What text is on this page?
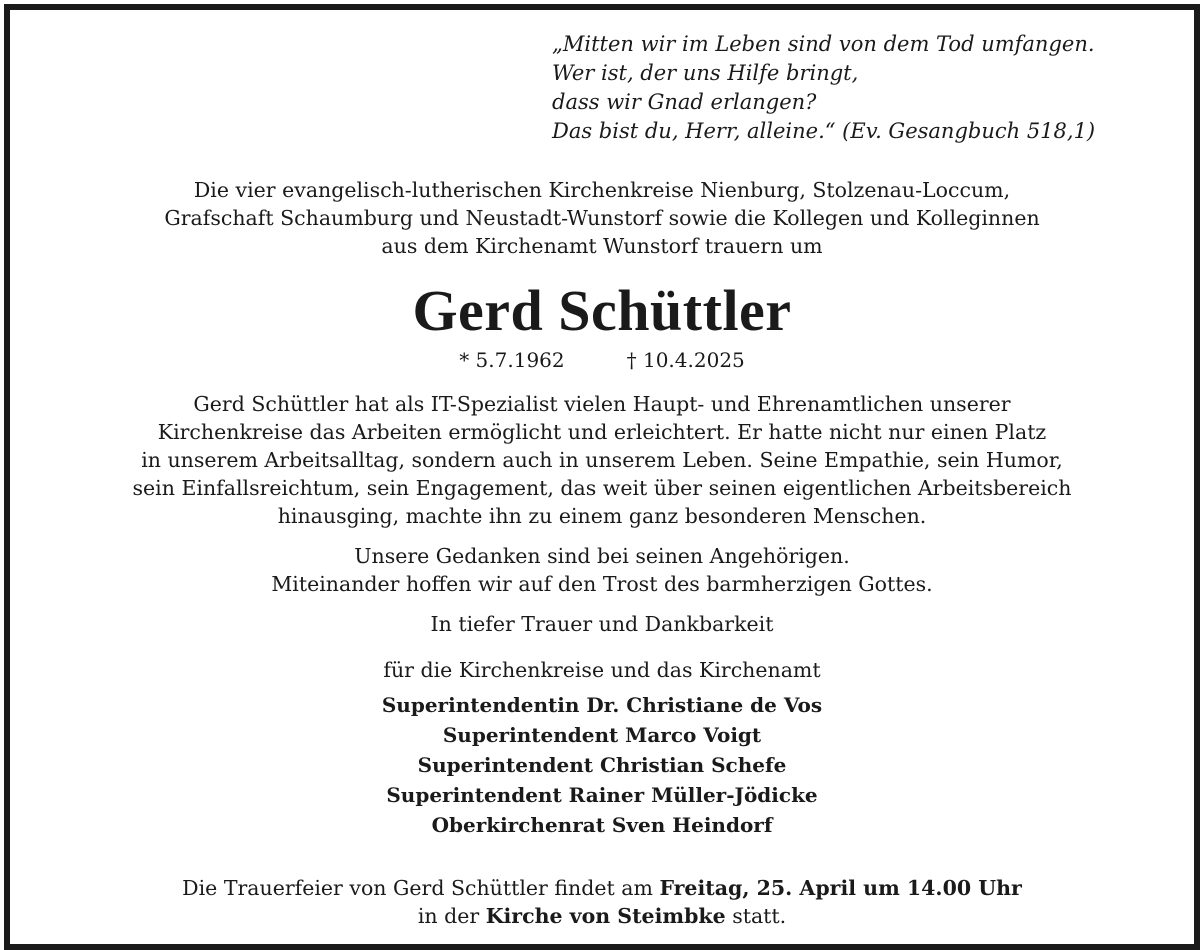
„Mitten wir im Leben sind von dem Tod umfangen.
Wer ist, der uns Hilfe bringt,
dass wir Gnad erlangen?
Das bist du, Herr, alleine.“ (Ev. Gesangbuch 518,1)
Die vier evangelisch-lutherischen Kirchenkreise Nienburg, Stolzenau-Loccum,
Grafschaft Schaumburg und Neustadt-Wunstorf sowie die Kollegen und Kolleginnen
aus dem Kirchenamt Wunstorf trauern um
Gerd Schüttler
* 5.7.1962	† 10.4.2025
Gerd Schüttler hat als IT-Spezialist vielen Haupt- und Ehrenamtlichen unserer
Kirchenkreise das Arbeiten ermöglicht und erleichtert. Er hatte nicht nur einen Platz
in unserem Arbeitsalltag, sondern auch in unserem Leben. Seine Empathie, sein Humor,
sein Einfallsreichtum, sein Engagement, das weit über seinen eigentlichen Arbeitsbereich
hinausging, machte ihn zu einem ganz besonderen Menschen.
Unsere Gedanken sind bei seinen Angehörigen.
Miteinander hoffen wir auf den Trost des barmherzigen Gottes.
In tiefer Trauer und Dankbarkeit
für die Kirchenkreise und das Kirchenamt
Superintendentin Dr. Christiane de Vos
Superintendent Marco Voigt
Superintendent Christian Schefe
Superintendent Rainer Müller-Jödicke
Oberkirchenrat Sven Heindorf
Die Trauerfeier von Gerd Schüttler findet am Freitag, 25. April um 14.00 Uhr
in der Kirche von Steimbke statt.
